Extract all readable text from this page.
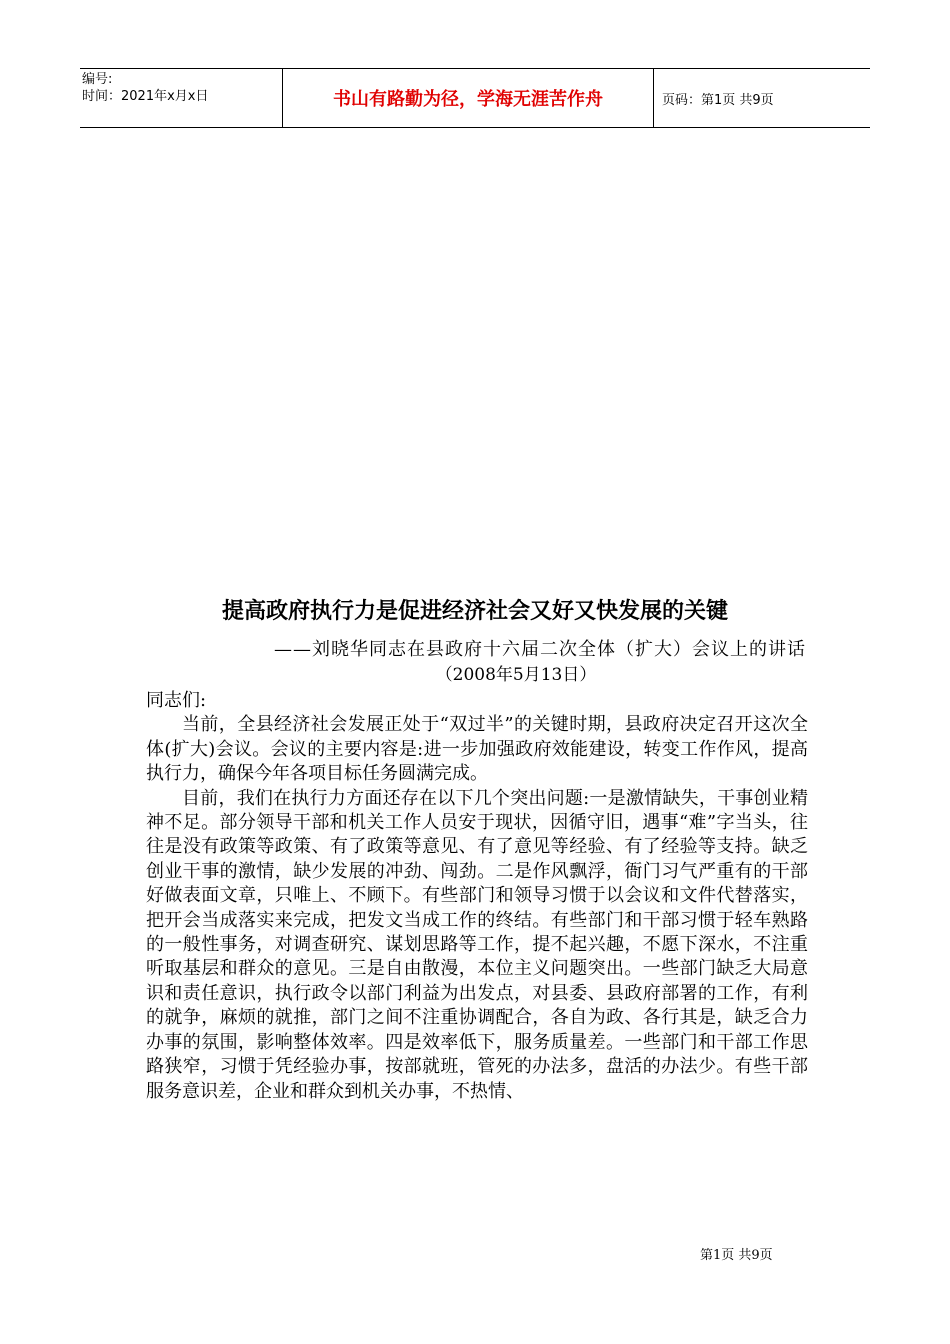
编号:
时间：2021年x月x日	书山有路勤为径，学海无涯苦作舟	页码：第1页 共9页
提高政府执行力是促进经济社会又好又快发展的关键

——刘晓华同志在县政府十六届二次全体（扩大）会议上的讲话

（2008年5月13日）

同志们:

当前，全县经济社会发展正处于“双过半”的关键时期，县政府决定召开这次全体(扩大)会议。会议的主要内容是:进一步加强政府效能建设，转变工作作风，提高执行力，确保今年各项目标任务圆满完成。

目前，我们在执行力方面还存在以下几个突出问题:一是激情缺失，干事创业精神不足。部分领导干部和机关工作人员安于现状，因循守旧，遇事“难”字当头，往往是没有政策等政策、有了政策等意见、有了意见等经验、有了经验等支持。缺乏创业干事的激情，缺少发展的冲劲、闯劲。二是作风飘浮，衙门习气严重有的干部好做表面文章，只唯上、不顾下。有些部门和领导习惯于以会议和文件代替落实，把开会当成落实来完成，把发文当成工作的终结。有些部门和干部习惯于轻车熟路的一般性事务，对调查研究、谋划思路等工作，提不起兴趣，不愿下深水，不注重听取基层和群众的意见。三是自由散漫，本位主义问题突出。一些部门缺乏大局意识和责任意识，执行政令以部门利益为出发点，对县委、县政府部署的工作，有利的就争，麻烦的就推，部门之间不注重协调配合，各自为政、各行其是，缺乏合力办事的氛围，影响整体效率。四是效率低下，服务质量差。一些部门和干部工作思路狭窄，习惯于凭经验办事，按部就班，管死的办法多，盘活的办法少。有些干部服务意识差，企业和群众到机关办事，不热情、

第1页 共9页
